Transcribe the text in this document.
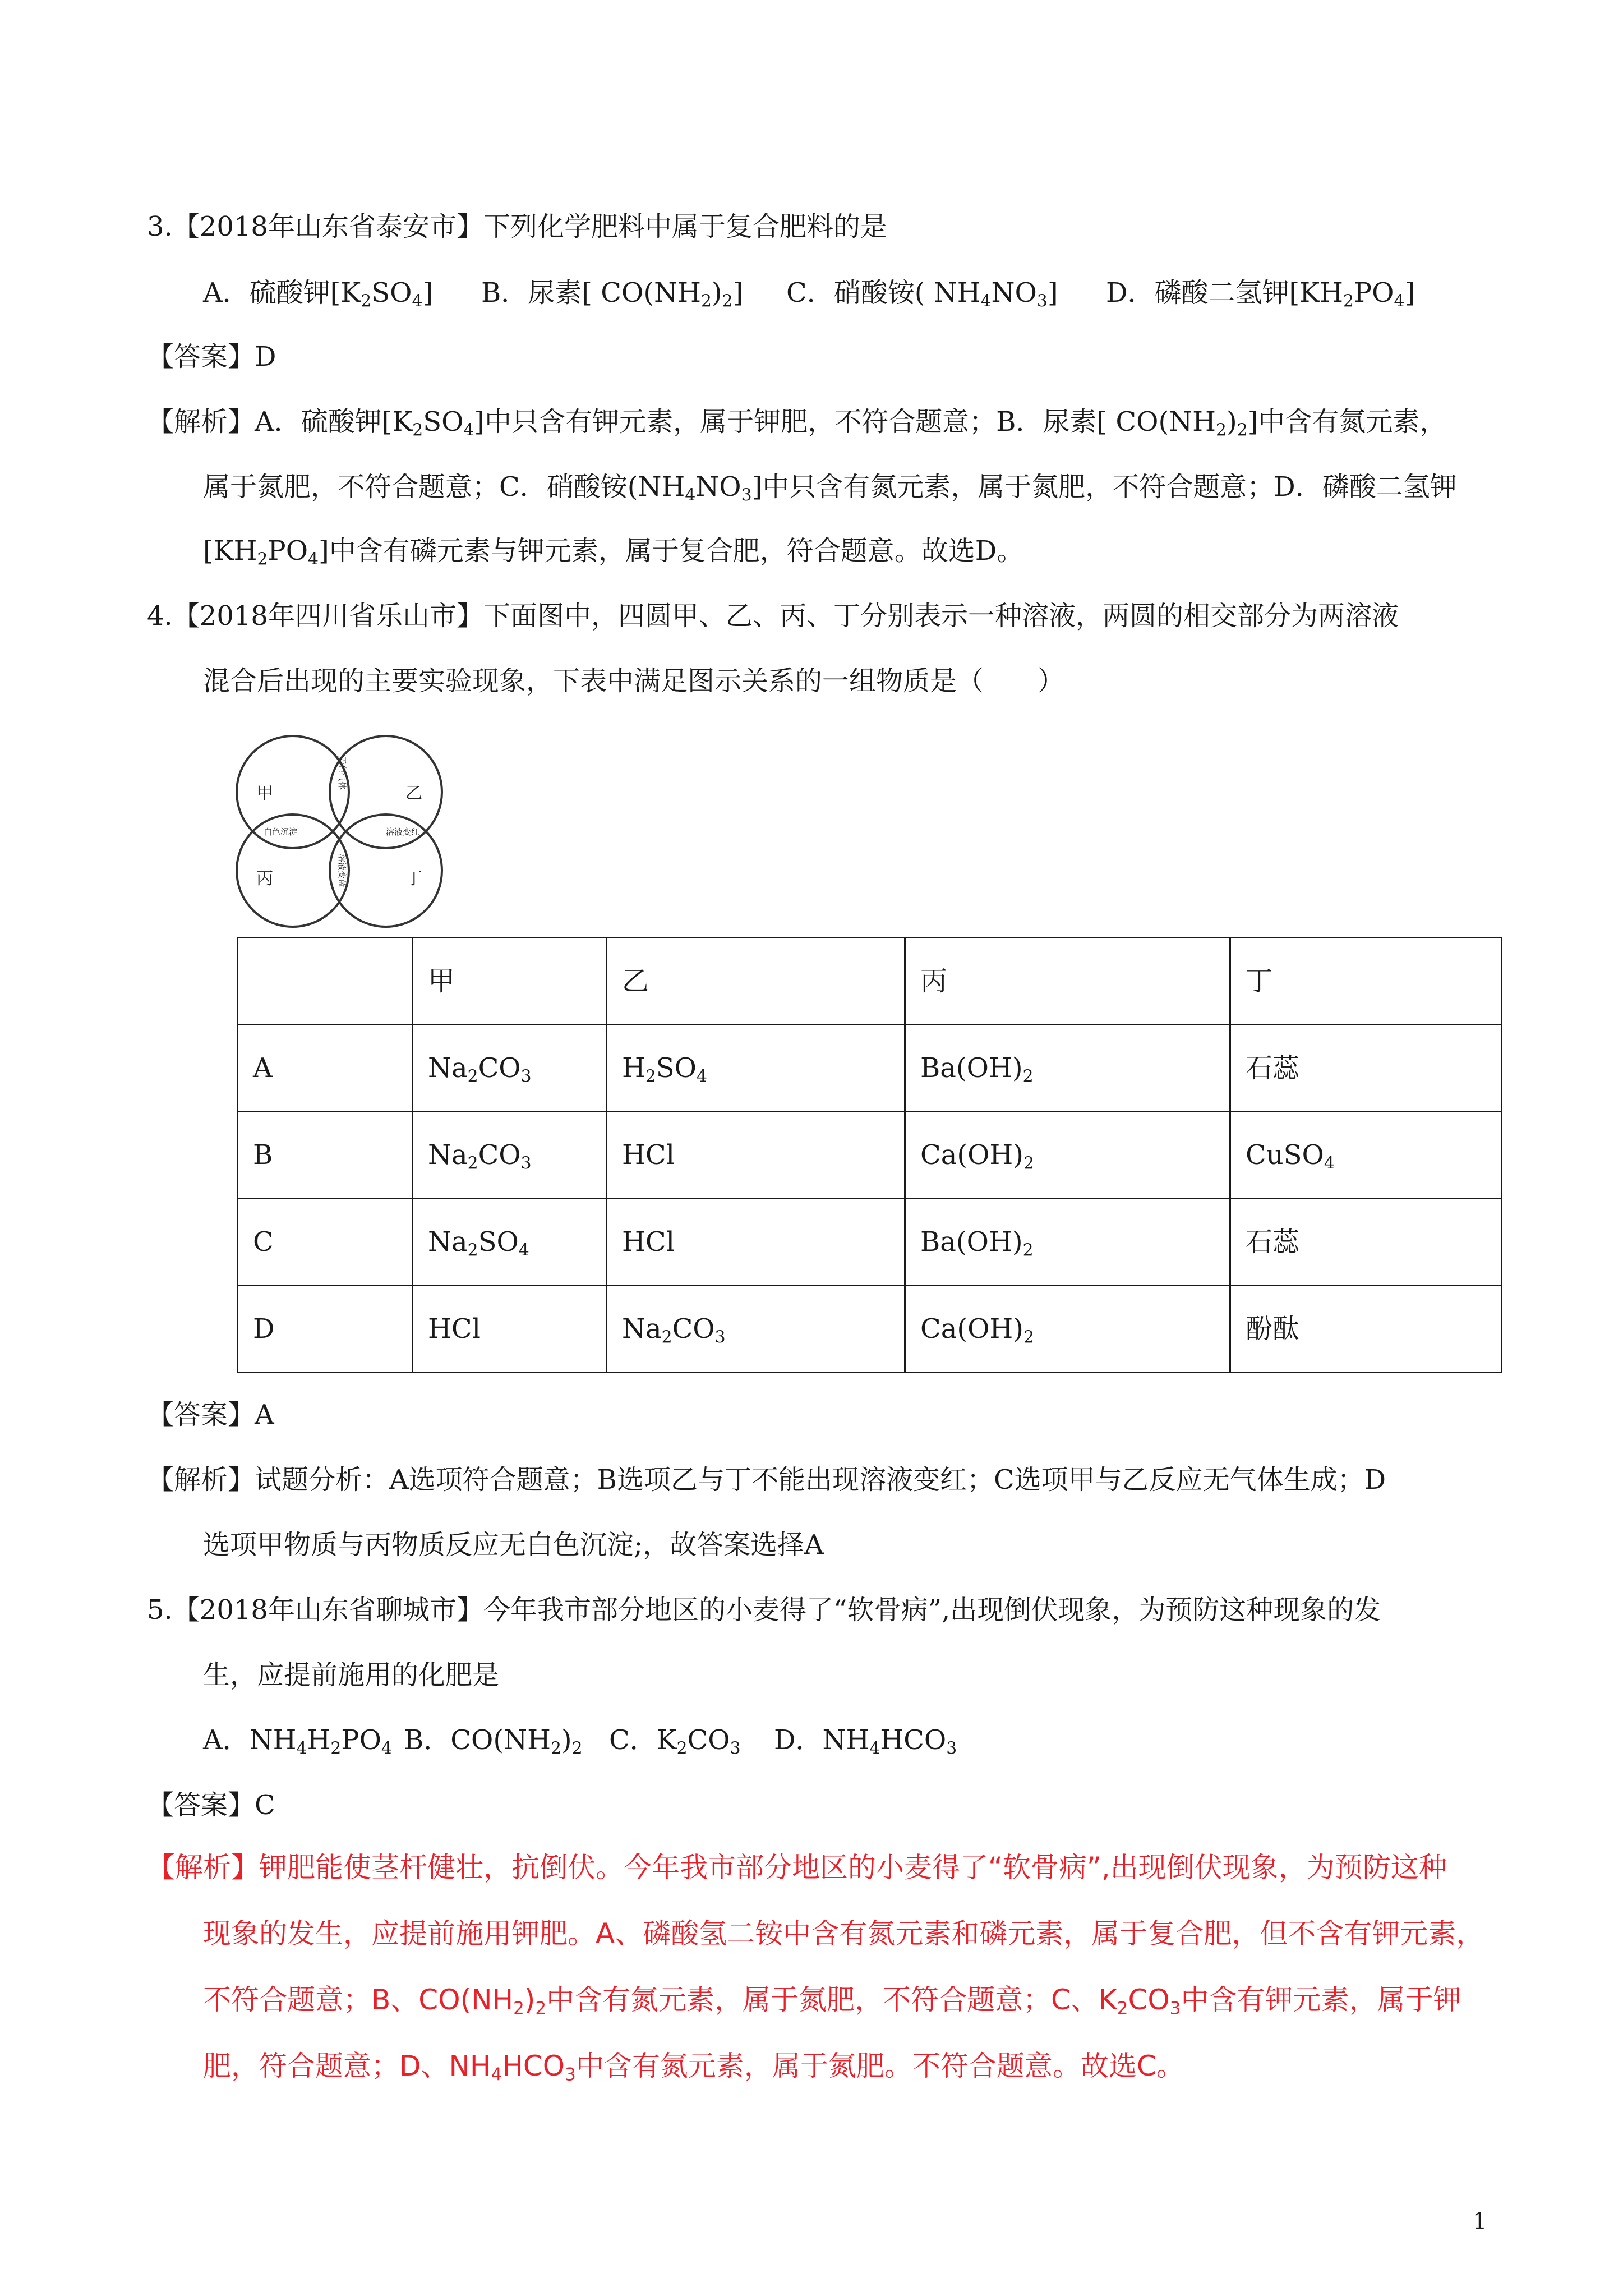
3.【2018年山东省泰安市】下列化学肥料中属于复合肥料的是
A．硫酸钾$[K_2SO_4]$ B．尿素[ $CO(NH_2)_2$] C．硝酸铵( $NH_4NO_3$] D．磷酸二氢钾$[KH_2PO_4]$
【答案】D
【解析】A．硫酸钾$[K_2SO_4]$中只含有钾元素，属于钾肥，不符合题意；B．尿素[ $CO(NH_2)_2$]中含有氮元素，
属于氮肥，不符合题意；C．硝酸铵$(NH_4NO_3]$中只含有氮元素，属于氮肥，不符合题意；D．磷酸二氢钾
$[KH_2PO_4]$中含有磷元素与钾元素，属于复合肥，符合题意。故选D。
4.【2018年四川省乐山市】下面图中，四圆甲、乙、丙、丁分别表示一种溶液，两圆的相交部分为两溶液
混合后出现的主要实验现象，下表中满足图示关系的一组物质是（　　）
甲	乙
丙	丁
无色气体
白色沉淀	溶液变红
溶液变蓝
	甲	乙	丙	丁
A	$Na_2CO_3$	$H_2SO_4$	$Ba(OH)_2$	石蕊
B	$Na_2CO_3$	HCl	$Ca(OH)_2$	CuSO$_4$
C	$Na_2SO_4$	HCl	$Ba(OH)_2$	石蕊
D	HCl	$Na_2CO_3$	$Ca(OH)_2$	酚酞
【答案】A
【解析】试题分析：A选项符合题意；B选项乙与丁不能出现溶液变红；C选项甲与乙反应无气体生成；D
选项甲物质与丙物质反应无白色沉淀;，故答案选择A
5.【2018年山东省聊城市】今年我市部分地区的小麦得了“软骨病”,出现倒伏现象，为预防这种现象的发
生，应提前施用的化肥是
A．$NH_4H_2PO_4$ B．$CO(NH_2)_2$ C．$K_2CO_3$ D．$NH_4HCO_3$
【答案】C
【解析】钾肥能使茎杆健壮，抗倒伏。今年我市部分地区的小麦得了“软骨病”,出现倒伏现象，为预防这种
现象的发生，应提前施用钾肥。A、磷酸氢二铵中含有氮元素和磷元素，属于复合肥，但不含有钾元素，
不符合题意；B、$CO(NH_2)_2$中含有氮元素，属于氮肥，不符合题意；C、$K_2CO_3$中含有钾元素，属于钾
肥，符合题意；D、$NH_4HCO_3$中含有氮元素，属于氮肥。不符合题意。故选C。
1
